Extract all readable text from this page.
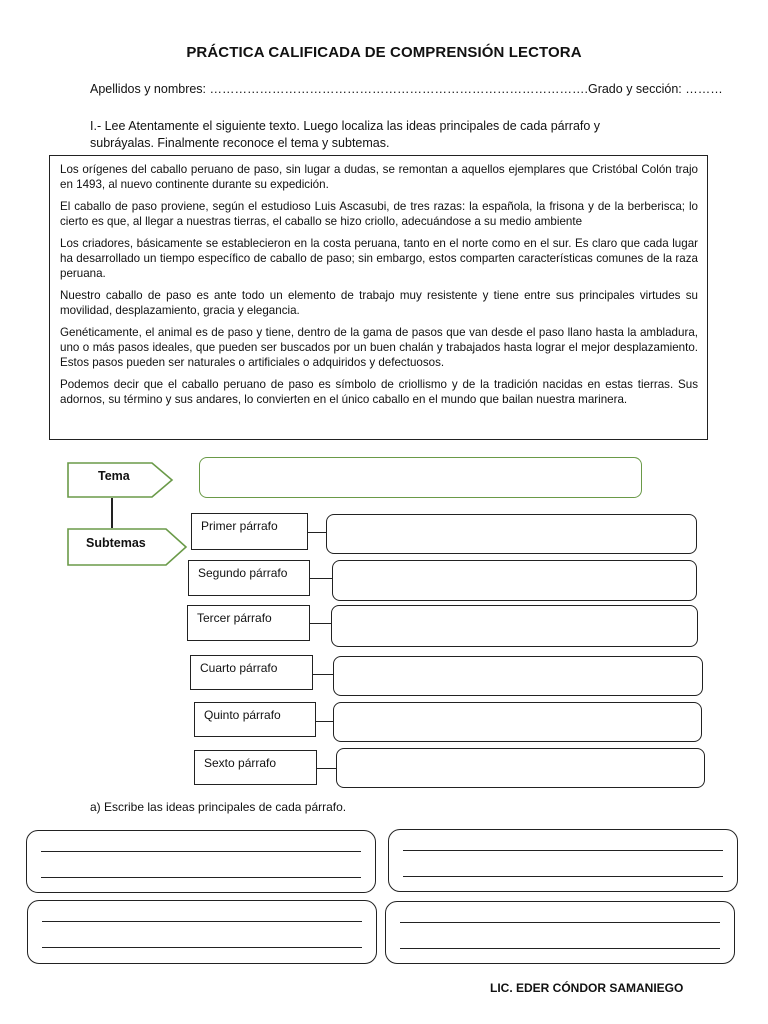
PRÁCTICA CALIFICADA DE COMPRENSIÓN LECTORA
Apellidos y nombres: ……………………………………………………………………………….Grado y sección: ………
I.- Lee Atentamente el siguiente texto. Luego localiza las ideas principales de cada párrafo y subráyalas. Finalmente reconoce el tema y subtemas.

Los orígenes del caballo peruano de paso, sin lugar a dudas, se remontan a aquellos ejemplares que Cristóbal Colón trajo en 1493, al nuevo continente durante su expedición.

El caballo de paso proviene, según el estudioso Luis Ascasubi, de tres razas: la española, la frisona y de la berberisca; lo cierto es que, al llegar a nuestras tierras, el caballo se hizo criollo, adecuándose a su medio ambiente

Los criadores, básicamente se establecieron en la costa peruana, tanto en el norte como en el sur. Es claro que cada lugar ha desarrollado un tiempo específico de caballo de paso; sin embargo, estos comparten características comunes de la raza peruana.

Nuestro caballo de paso es ante todo un elemento de trabajo muy resistente y tiene entre sus principales virtudes su movilidad, desplazamiento, gracia y elegancia.

Genéticamente, el animal es de paso y tiene, dentro de la gama de pasos que van desde el paso llano hasta la ambladura, uno o más pasos ideales, que pueden ser buscados por un buen chalán y trabajados hasta lograr el mejor desplazamiento. Estos pasos pueden ser naturales o artificiales o adquiridos y defectuosos.

Podemos decir que el caballo peruano de paso es símbolo de criollismo y de la tradición nacidas en estas tierras. Sus adornos, su término y sus andares, lo convierten en el único caballo en el mundo que bailan nuestra marinera.

Tema
Subtemas
Primer párrafo
Segundo párrafo
Tercer párrafo
Cuarto párrafo
Quinto párrafo
Sexto párrafo
a) Escribe las ideas principales de cada párrafo.
LIC. EDER CÓNDOR SAMANIEGO
